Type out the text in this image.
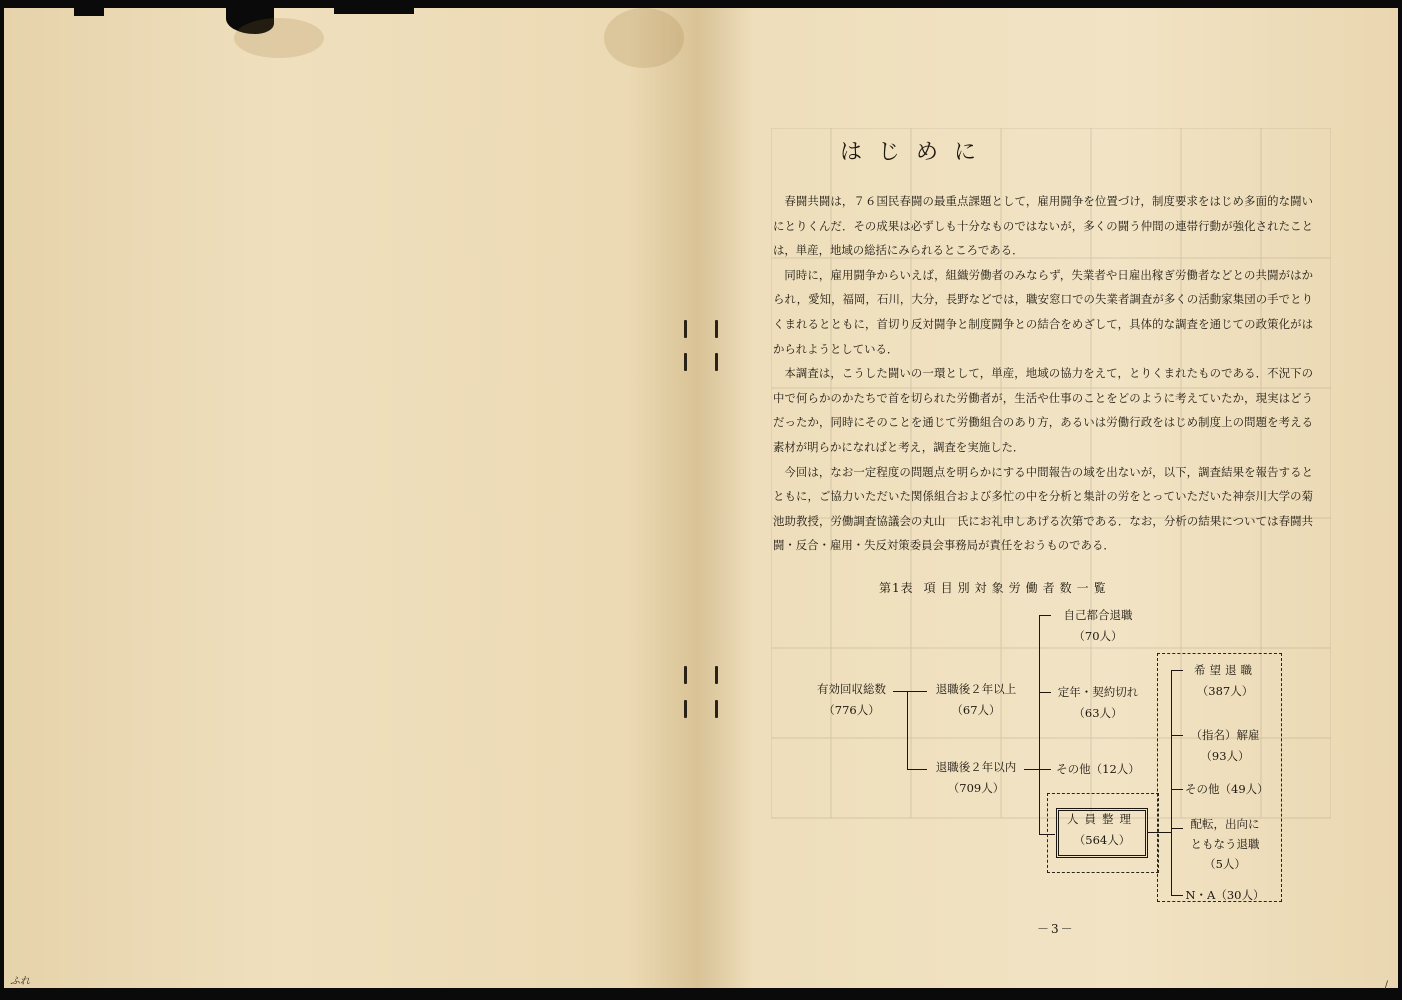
ふれ
はじめに

春闘共闘は，７６国民春闘の最重点課題として，雇用闘争を位置づけ，制度要求をはじめ多面的な闘いにとりくんだ．その成果は必ずしも十分なものではないが，多くの闘う仲間の連帯行動が強化されたことは，単産，地域の総括にみられるところである．

同時に，雇用闘争からいえば，組織労働者のみならず，失業者や日雇出稼ぎ労働者などとの共闘がはかられ，愛知，福岡，石川，大分，長野などでは，職安窓口での失業者調査が多くの活動家集団の手でとりくまれるとともに，首切り反対闘争と制度闘争との結合をめざして，具体的な調査を通じての政策化がはかられようとしている．

本調査は，こうした闘いの一環として，単産，地域の協力をえて，とりくまれたものである．不況下の中で何らかのかたちで首を切られた労働者が，生活や仕事のことをどのように考えていたか，現実はどうだったか，同時にそのことを通じて労働組合のあり方，あるいは労働行政をはじめ制度上の問題を考える素材が明らかになればと考え，調査を実施した．

今回は，なお一定程度の問題点を明らかにする中間報告の域を出ないが，以下，調査結果を報告するとともに，ご協力いただいた関係組合および多忙の中を分析と集計の労をとっていただいた神奈川大学の菊池助教授，労働調査協議会の丸山　氏にお礼申しあげる次第である．なお，分析の結果については春闘共闘・反合・雇用・失反対策委員会事務局が責任をおうものである．

第1表 項目別対象労働者数一覧
有効回収総数
（776人）
退職後２年以上
（67人）
退職後２年以内
（709人）
自己都合退職
（70人）
定年・契約切れ
（63人）
その他（12人）
人員整理
（564人）
希望退職
（387人）
（指名）解雇
（93人）
その他（49人）
配転，出向に
ともなう退職
（5人）
N・A（30人）
－3－
/
